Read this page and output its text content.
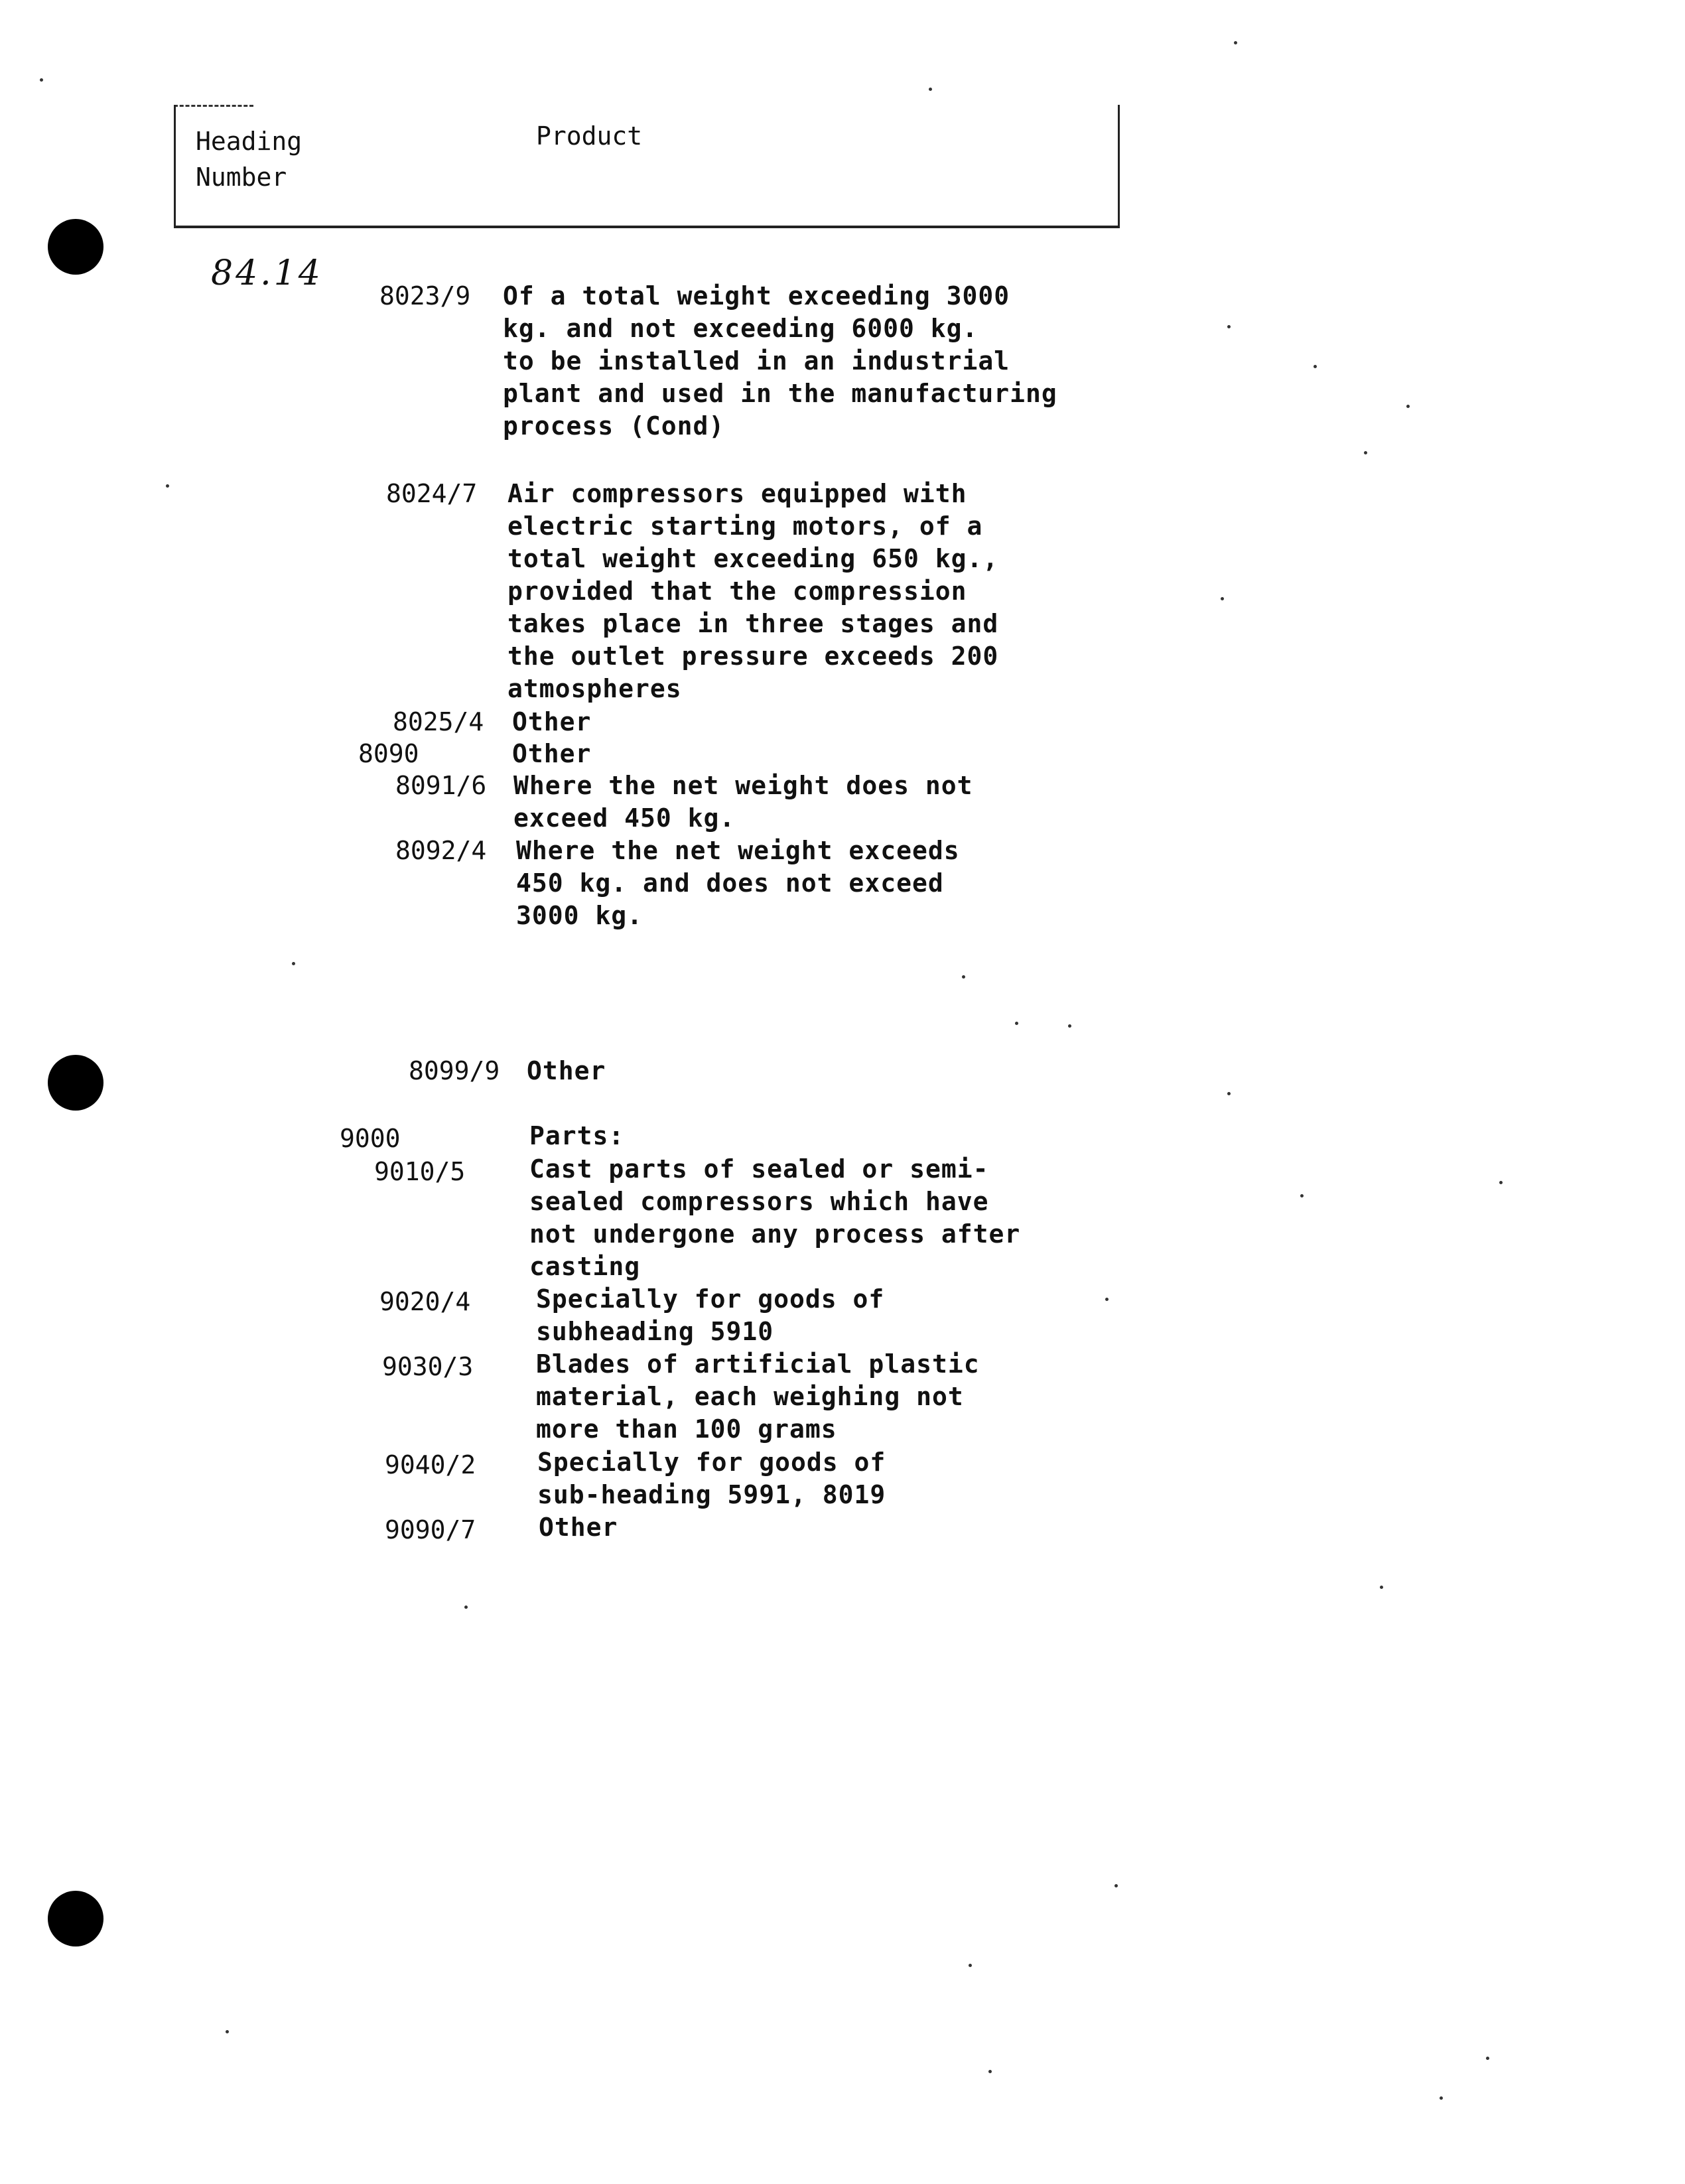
Heading
Number
Product
84.14
8023/9 Of a total weight exceeding 3000
kg. and not exceeding 6000 kg.
to be installed in an industrial
plant and used in the manufacturing
process (Cond)
8024/7 Air compressors equipped with
electric starting motors, of a
total weight exceeding 650 kg.,
provided that the compression
takes place in three stages and
the outlet pressure exceeds 200
atmospheres
8025/4 Other
8090	Other
8091/6 Where the net weight does not
exceed 450 kg.
8092/4 Where the net weight exceeds
450 kg. and does not exceed
3000 kg.
8099/9 Other
9000	Parts:
9010/5	Cast parts of sealed or semi-
sealed compressors which have
not undergone any process after
casting
9020/4	Specially for goods of
subheading 5910
9030/3 Blades of artificial plastic
material, each weighing not
more than 100 grams
9040/2 Specially for goods of
sub-heading 5991, 8019
9090/7 Other
